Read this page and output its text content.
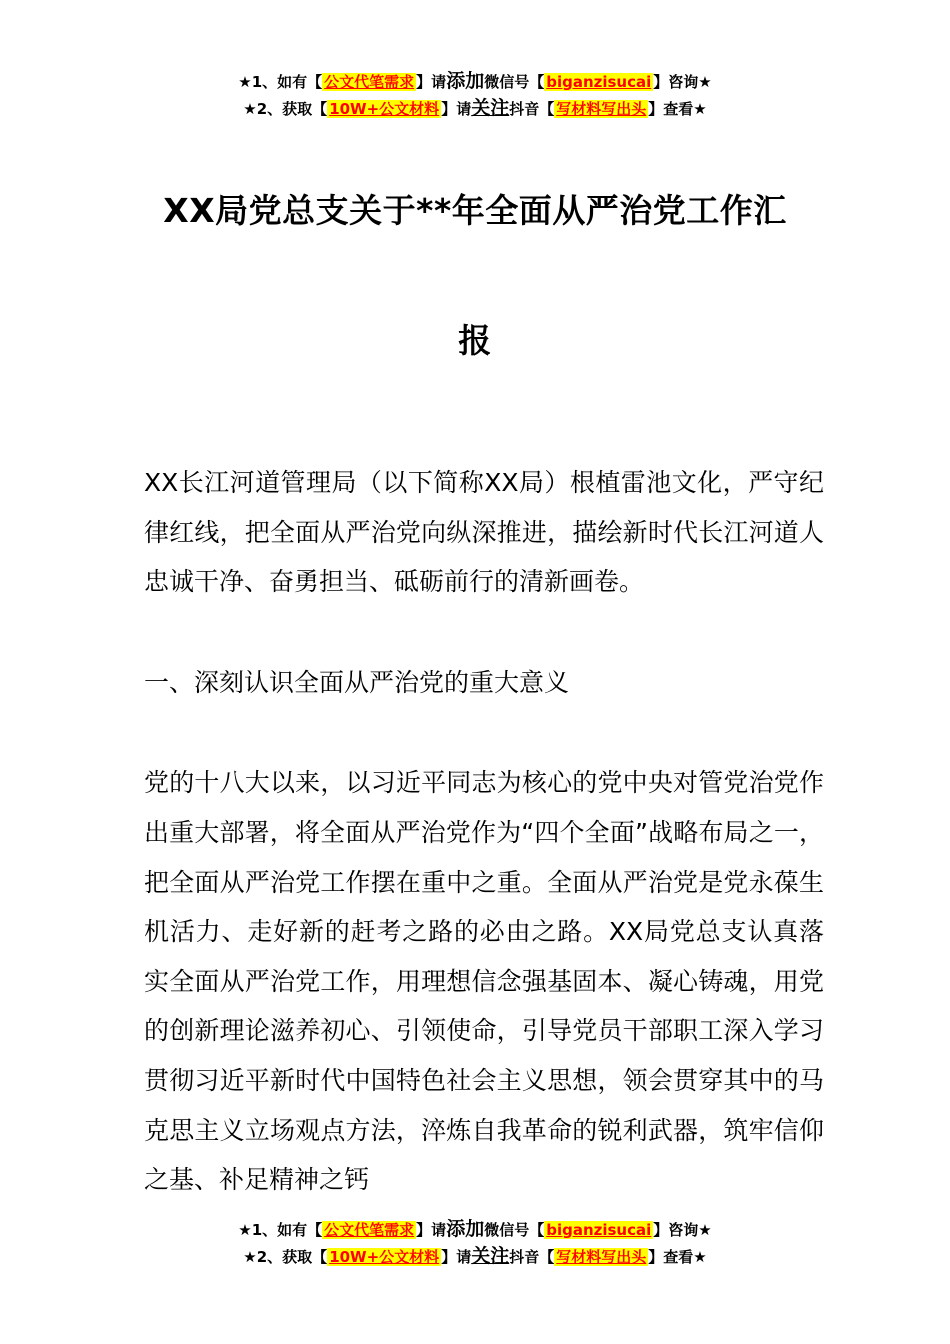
★1、如有【 公文代笔需求 】请添加微信号【 biganzisucai 】咨询★
★2、获取【 10W+公文材料 】请关注抖音【 写材料写出头 】查看★
XX局党总支关于**年全面从严治党工作汇
报

XX长江河道管理局（以下简称XX局）根植雷池文化，严守纪律红线，把全面从严治党向纵深推进，描绘新时代长江河道人忠诚干净、奋勇担当、砥砺前行的清新画卷。

一、深刻认识全面从严治党的重大意义

党的十八大以来，以习近平同志为核心的党中央对管党治党作出重大部署，将全面从严治党作为“四个全面”战略布局之一，把全面从严治党工作摆在重中之重。全面从严治党是党永葆生机活力、走好新的赶考之路的必由之路。XX局党总支认真落实全面从严治党工作，用理想信念强基固本、凝心铸魂，用党的创新理论滋养初心、引领使命，引导党员干部职工深入学习贯彻习近平新时代中国特色社会主义思想，领会贯穿其中的马克思主义立场观点方法，淬炼自我革命的锐利武器，筑牢信仰之基、补足精神之钙

★1、如有【 公文代笔需求 】请添加微信号【 biganzisucai 】咨询★
★2、获取【 10W+公文材料 】请关注抖音【 写材料写出头 】查看★
